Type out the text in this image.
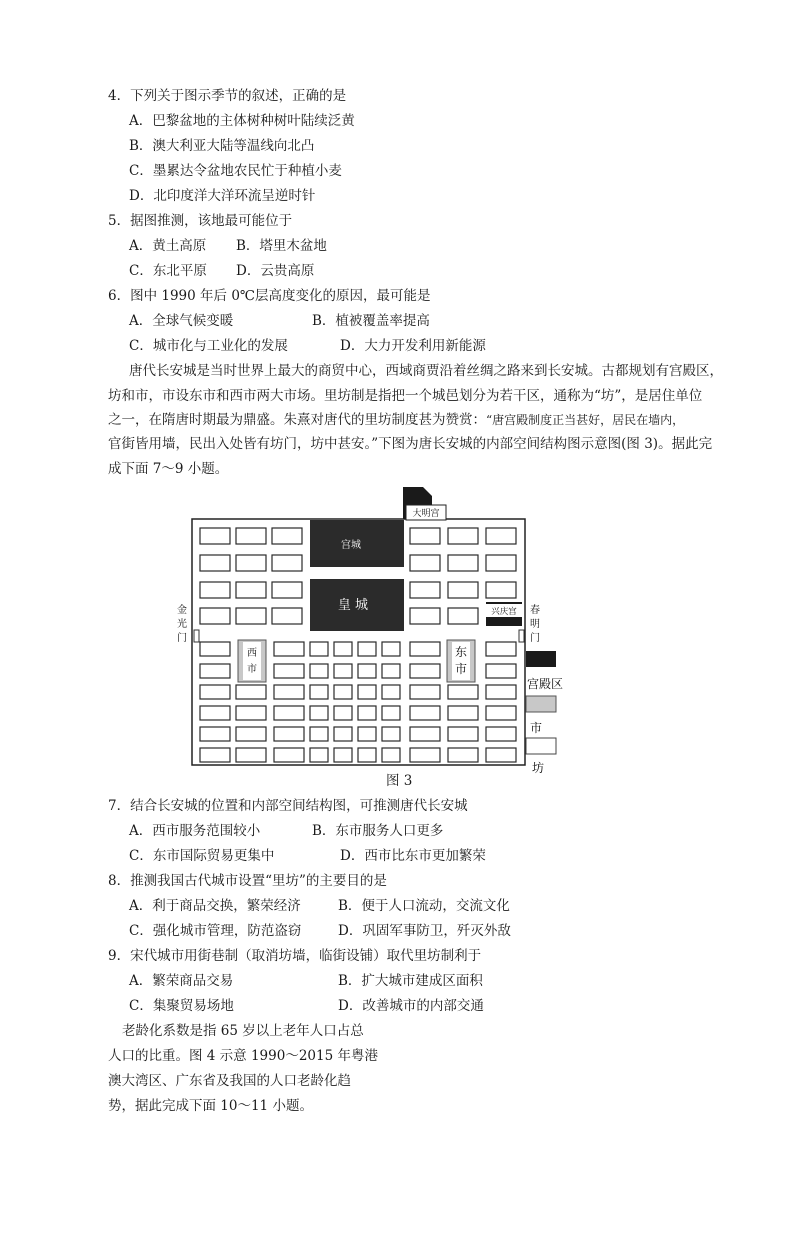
4．下列关于图示季节的叙述，正确的是
A．巴黎盆地的主体树种树叶陆续泛黄
B．澳大利亚大陆等温线向北凸
C．墨累达令盆地农民忙于种植小麦
D．北印度洋大洋环流呈逆时针
5．据图推测，该地最可能位于
A．黄土高原 B．塔里木盆地
C．东北平原 D．云贵高原
6．图中 1990 年后 0℃层高度变化的原因，最可能是
A．全球气候变暖	B．植被覆盖率提高
C．城市化与工业化的发展	D．大力开发利用新能源
唐代长安城是当时世界上最大的商贸中心，西域商贾沿着丝绸之路来到长安城。古都规划有宫殿区，
坊和市，市设东市和西市两大市场。里坊制是指把一个城邑划分为若干区，通称为“坊”，是居住单位
之一，在隋唐时期最为鼎盛。朱熹对唐代的里坊制度甚为赞赏：“唐宫殿制度正当甚好，居民在墙内，
官街皆用墙，民出入处皆有坊门，坊中甚安。”下图为唐长安城的内部空间结构图示意图(图 3)。据此完
成下面 7～9 小题。
大明宫
宫城
皇 城	兴庆宫
金
光
门
春
明
门
西
市
东
市
宫殿区
市
坊
图 3
7．结合长安城的位置和内部空间结构图，可推测唐代长安城
A．西市服务范围较小	B．东市服务人口更多
C．东市国际贸易更集中	D．西市比东市更加繁荣
8．推测我国古代城市设置“里坊”的主要目的是
A．利于商品交换，繁荣经济	B．便于人口流动，交流文化
C．强化城市管理，防范盗窃	D．巩固军事防卫，歼灭外敌
9．宋代城市用街巷制（取消坊墙，临街设铺）取代里坊制利于
A．繁荣商品交易	B．扩大城市建成区面积
C．集聚贸易场地	D．改善城市的内部交通
老龄化系数是指 65 岁以上老年人口占总
人口的比重。图 4 示意 1990～2015 年粤港
澳大湾区、广东省及我国的人口老龄化趋
势，据此完成下面 10～11 小题。
